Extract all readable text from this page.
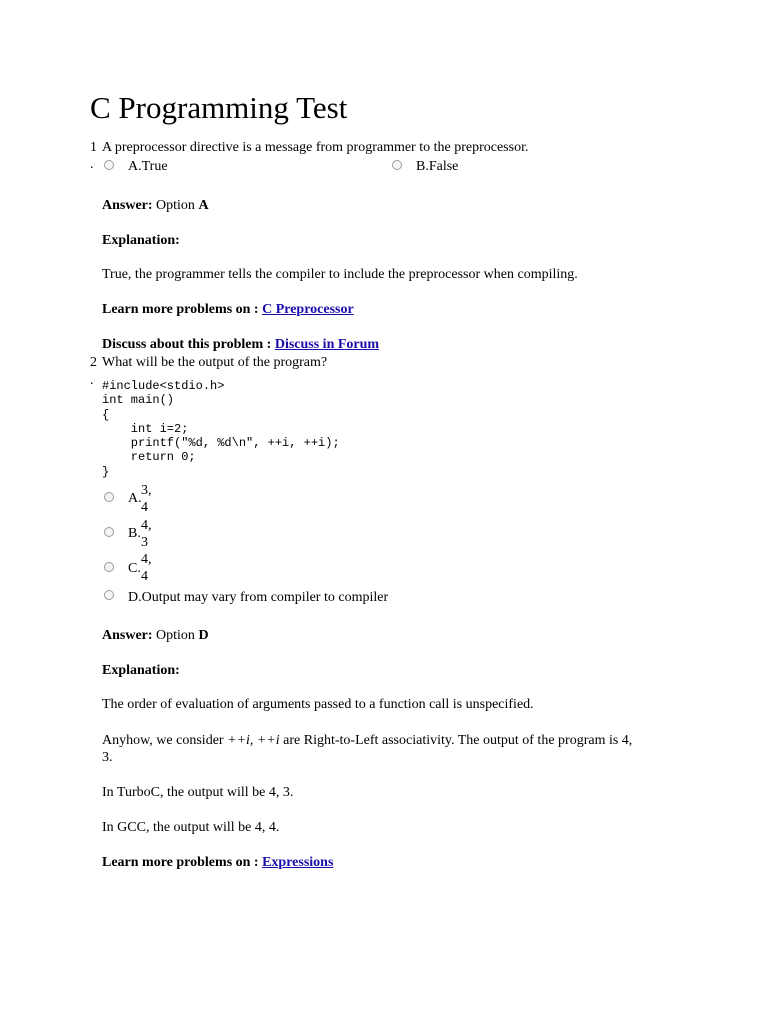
C Programming Test
1
.
A preprocessor directive is a message from programmer to the preprocessor.
A.True	B.False
Answer: Option A
Explanation:
True, the programmer tells the compiler to include the preprocessor when compiling.
Learn more problems on : C Preprocessor
Discuss about this problem : Discuss in Forum
2
.
What will be the output of the program?
#include<stdio.h>
int main()
{
int i=2;
printf("%d, %d\n", ++i, ++i);
return 0;
}
A.
3,
4
B.
4,
3
C.
4,
4
D.Output may vary from compiler to compiler
Answer: Option D
Explanation:
The order of evaluation of arguments passed to a function call is unspecified.
Anyhow, we consider ++i, ++i are Right-to-Left associativity. The output of the program is 4,
3.
In TurboC, the output will be 4, 3.
In GCC, the output will be 4, 4.
Learn more problems on : Expressions
